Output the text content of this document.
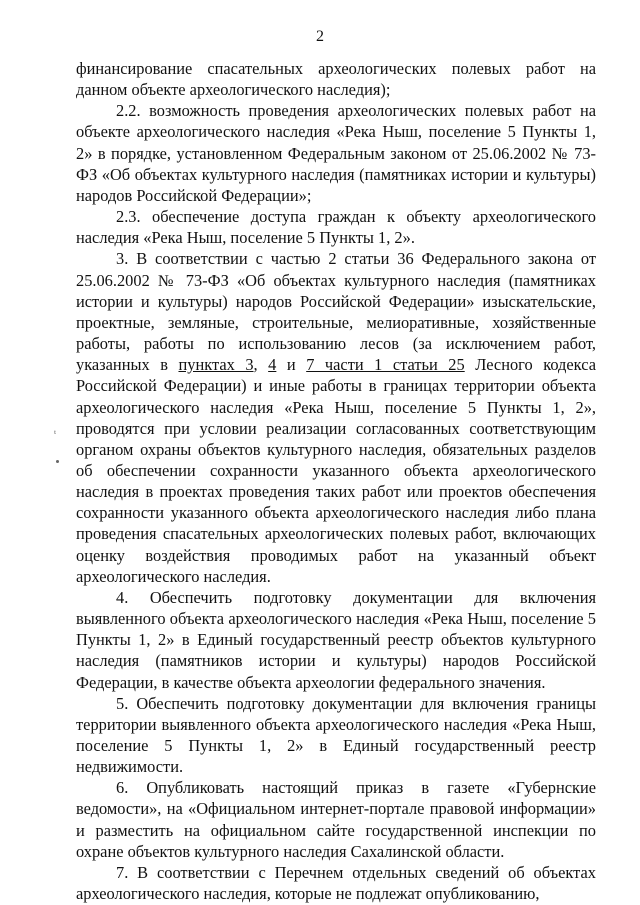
2
ᵗ

финансирование спасательных археологических полевых работ на данном объекте археологического наследия);

2.2. возможность проведения археологических полевых работ на объекте археологического наследия «Река Ныш, поселение 5 Пункты 1, 2» в порядке, установленном Федеральным законом от 25.06.2002 № 73-ФЗ «Об объектах культурного наследия (памятниках истории и культуры) народов Российской Федерации»;

2.3. обеспечение доступа граждан к объекту археологического наследия «Река Ныш, поселение 5 Пункты 1, 2».

3. В соответствии с частью 2 статьи 36 Федерального закона от 25.06.2002 № 73-ФЗ «Об объектах культурного наследия (памятниках истории и культуры) народов Российской Федерации» изыскательские, проектные, земляные, строительные, мелиоративные, хозяйственные работы, работы по использованию лесов (за исключением работ, указанных в пунктах 3, 4 и 7 части 1 статьи 25 Лесного кодекса Российской Федерации) и иные работы в границах территории объекта археологического наследия «Река Ныш, поселение 5 Пункты 1, 2», проводятся при условии реализации согласованных соответствующим органом охраны объектов культурного наследия, обязательных разделов об обеспечении сохранности указанного объекта археологического наследия в проектах проведения таких работ или проектов обеспечения сохранности указанного объекта археологического наследия либо плана проведения спасательных археологических полевых работ, включающих оценку воздействия проводимых работ на указанный объект археологического наследия.

4. Обеспечить подготовку документации для включения выявленного объекта археологического наследия «Река Ныш, поселение 5 Пункты 1, 2» в Единый государственный реестр объектов культурного наследия (памятников истории и культуры) народов Российской Федерации, в качестве объекта археологии федерального значения.

5. Обеспечить подготовку документации для включения границы территории выявленного объекта археологического наследия «Река Ныш, поселение 5 Пункты 1, 2» в Единый государственный реестр недвижимости.

6. Опубликовать настоящий приказ в газете «Губернские ведомости», на «Официальном интернет-портале правовой информации» и разместить на официальном сайте государственной инспекции по охране объектов культурного наследия Сахалинской области.

7. В соответствии с Перечнем отдельных сведений об объектах археологического наследия, которые не подлежат опубликованию,
